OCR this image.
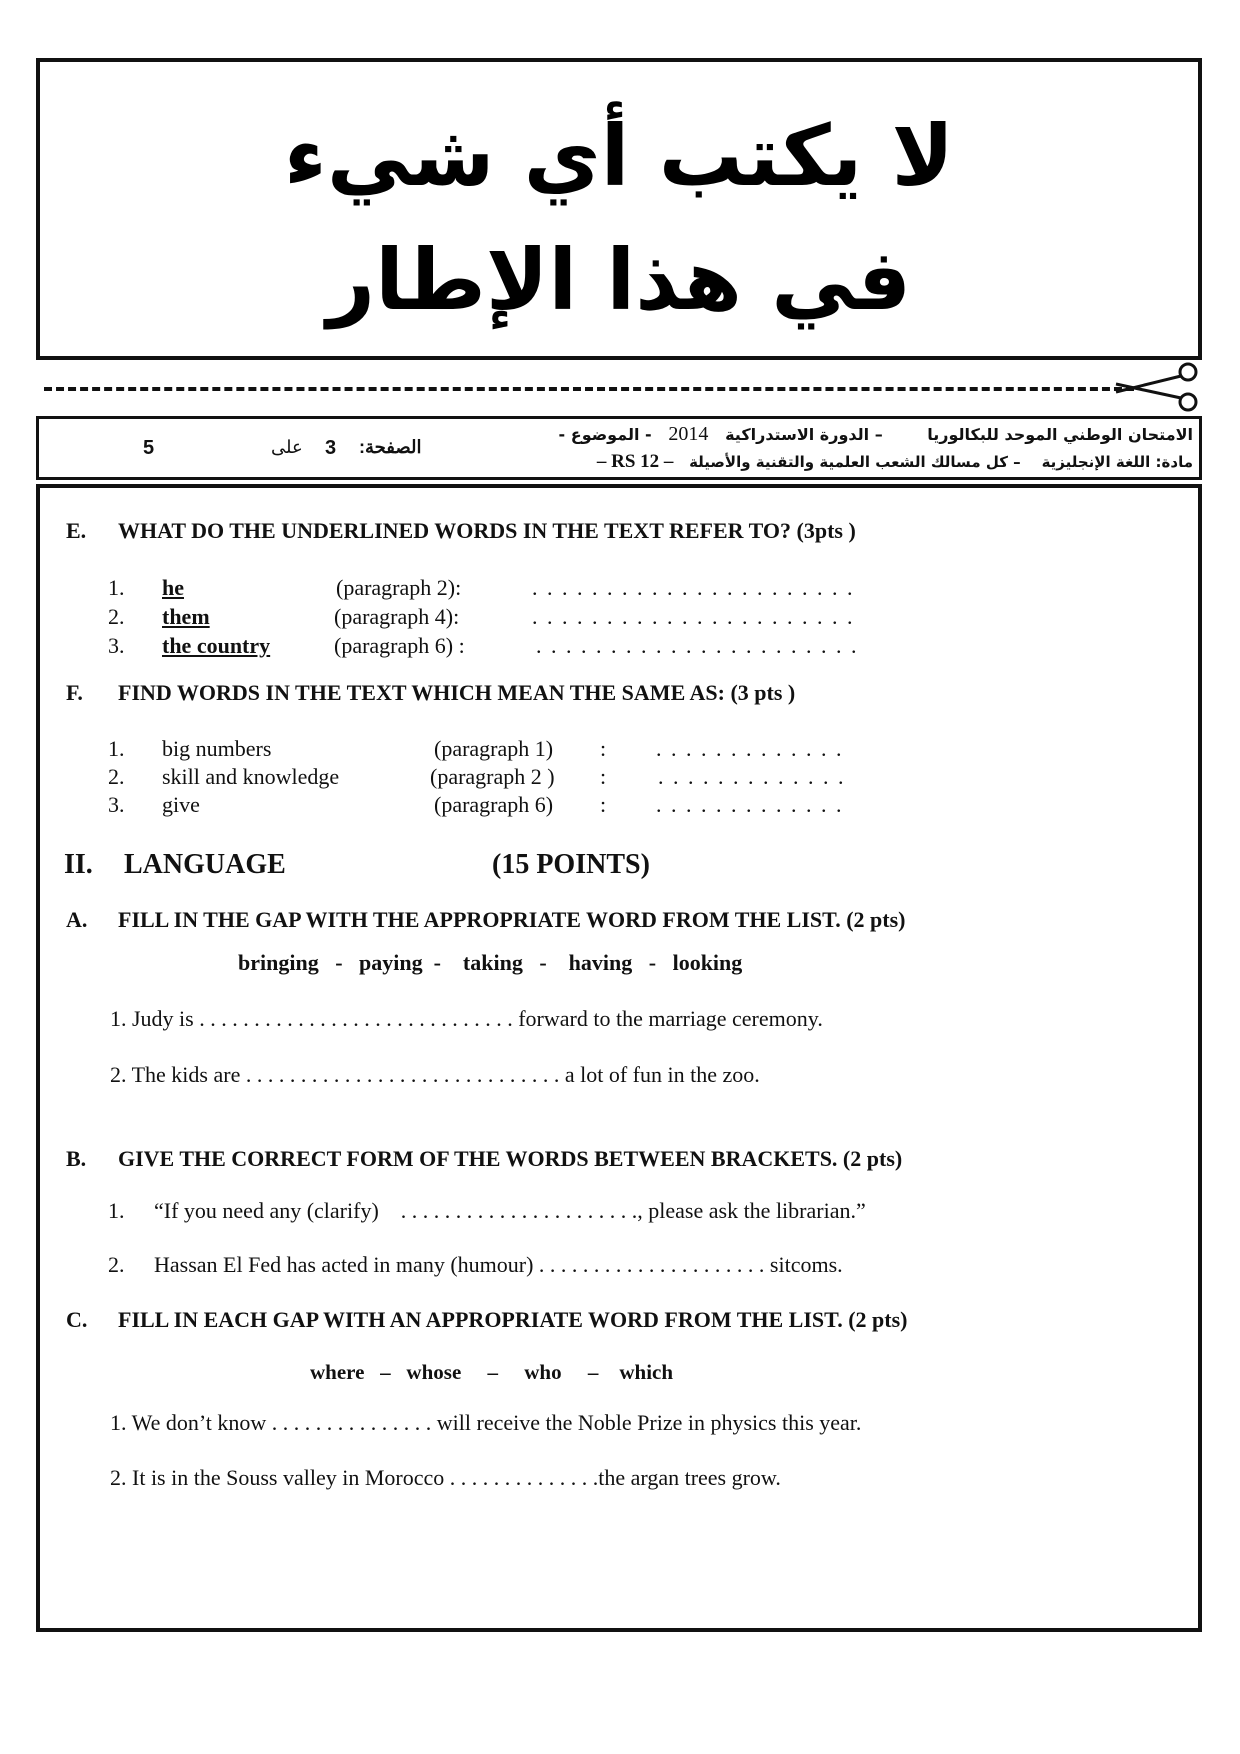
لا يكتب أي شيء
في هذا الإطار
الامتحان الوطني الموحد للبكالوريا        – الدورة الاستدراكية   2014   - الموضوع -
مادة: اللغة الإنجليزية    – كل مسالك الشعب العلمية والتقنية والأصيلة   – RS 12 –
5	على 3 الصفحة:
E. WHAT DO THE UNDERLINED WORDS IN THE TEXT REFER TO? (3pts )
1. he	(paragraph 2):	. . . . . . . . . . . . . . . . . . . . . .
2. them	(paragraph 4):	. . . . . . . . . . . . . . . . . . . . . .
3. the country	(paragraph 6) :	. . . . . . . . . . . . . . . . . . . . . .
F. FIND WORDS IN THE TEXT WHICH MEAN THE SAME AS: (3 pts )
1. big numbers	(paragraph 1) : . . . . . . . . . . . . .
2. skill and knowledge	(paragraph 2 ) : . . . . . . . . . . . . .
3. give	(paragraph 6) : . . . . . . . . . . . . .
II. LANGUAGE	(15 POINTS)
A. FILL IN THE GAP WITH THE APPROPRIATE WORD FROM THE LIST. (2 pts)
bringing   -   paying  -    taking   -    having   -   looking
1. Judy is . . . . . . . . . . . . . . . . . . . . . . . . . . . . . forward to the marriage ceremony.
2. The kids are . . . . . . . . . . . . . . . . . . . . . . . . . . . . . a lot of fun in the zoo.
B. GIVE THE CORRECT FORM OF THE WORDS BETWEEN BRACKETS. (2 pts)
1. “If you need any (clarify)    . . . . . . . . . . . . . . . . . . . . . ., please ask the librarian.”
2. Hassan El Fed has acted in many (humour) . . . . . . . . . . . . . . . . . . . . . sitcoms.
C. FILL IN EACH GAP WITH AN APPROPRIATE WORD FROM THE LIST. (2 pts)
where   –   whose     –     who     –    which
1. We don’t know . . . . . . . . . . . . . . . will receive the Noble Prize in physics this year.
2. It is in the Souss valley in Morocco . . . . . . . . . . . . . .the argan trees grow.
